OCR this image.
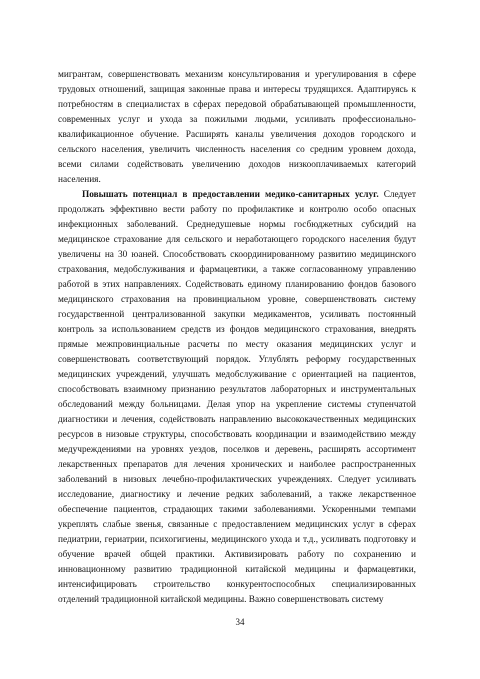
мигрантам, совершенствовать механизм консультирования и урегулирования в сфере трудовых отношений, защищая законные права и интересы трудящихся. Адаптируясь к потребностям в специалистах в сферах передовой обрабатывающей промышленности, современных услуг и ухода за пожилыми людьми, усиливать профессионально-квалификационное обучение. Расширять каналы увеличения доходов городского и сельского населения, увеличить численность населения со средним уровнем дохода, всеми силами содействовать увеличению доходов низкооплачиваемых категорий населения.

Повышать потенциал в предоставлении медико-санитарных услуг. Следует продолжать эффективно вести работу по профилактике и контролю особо опасных инфекционных заболеваний. Среднедушевые нормы госбюджетных субсидий на медицинское страхование для сельского и неработающего городского населения будут увеличены на 30 юаней. Способствовать скоординированному развитию медицинского страхования, медобслуживания и фармацевтики, а также согласованному управлению работой в этих направлениях. Содействовать единому планированию фондов базового медицинского страхования на провинциальном уровне, совершенствовать систему государственной централизованной закупки медикаментов, усиливать постоянный контроль за использованием средств из фондов медицинского страхования, внедрять прямые межпровинциальные расчеты по месту оказания медицинских услуг и совершенствовать соответствующий порядок. Углублять реформу государственных медицинских учреждений, улучшать медобслуживание с ориентацией на пациентов, способствовать взаимному признанию результатов лабораторных и инструментальных обследований между больницами. Делая упор на укрепление системы ступенчатой диагностики и лечения, содействовать направлению высококачественных медицинских ресурсов в низовые структуры, способствовать координации и взаимодействию между медучреждениями на уровнях уездов, поселков и деревень, расширять ассортимент лекарственных препаратов для лечения хронических и наиболее распространенных заболеваний в низовых лечебно-профилактических учреждениях. Следует усиливать исследование, диагностику и лечение редких заболеваний, а также лекарственное обеспечение пациентов, страдающих такими заболеваниями. Ускоренными темпами укреплять слабые звенья, связанные с предоставлением медицинских услуг в сферах педиатрии, гериатрии, психогигиены, медицинского ухода и т.д., усиливать подготовку и обучение врачей общей практики. Активизировать работу по сохранению и инновационному развитию традиционной китайской медицины и фармацевтики, интенсифицировать строительство конкурентоспособных специализированных отделений традиционной китайской медицины. Важно совершенствовать систему

34
